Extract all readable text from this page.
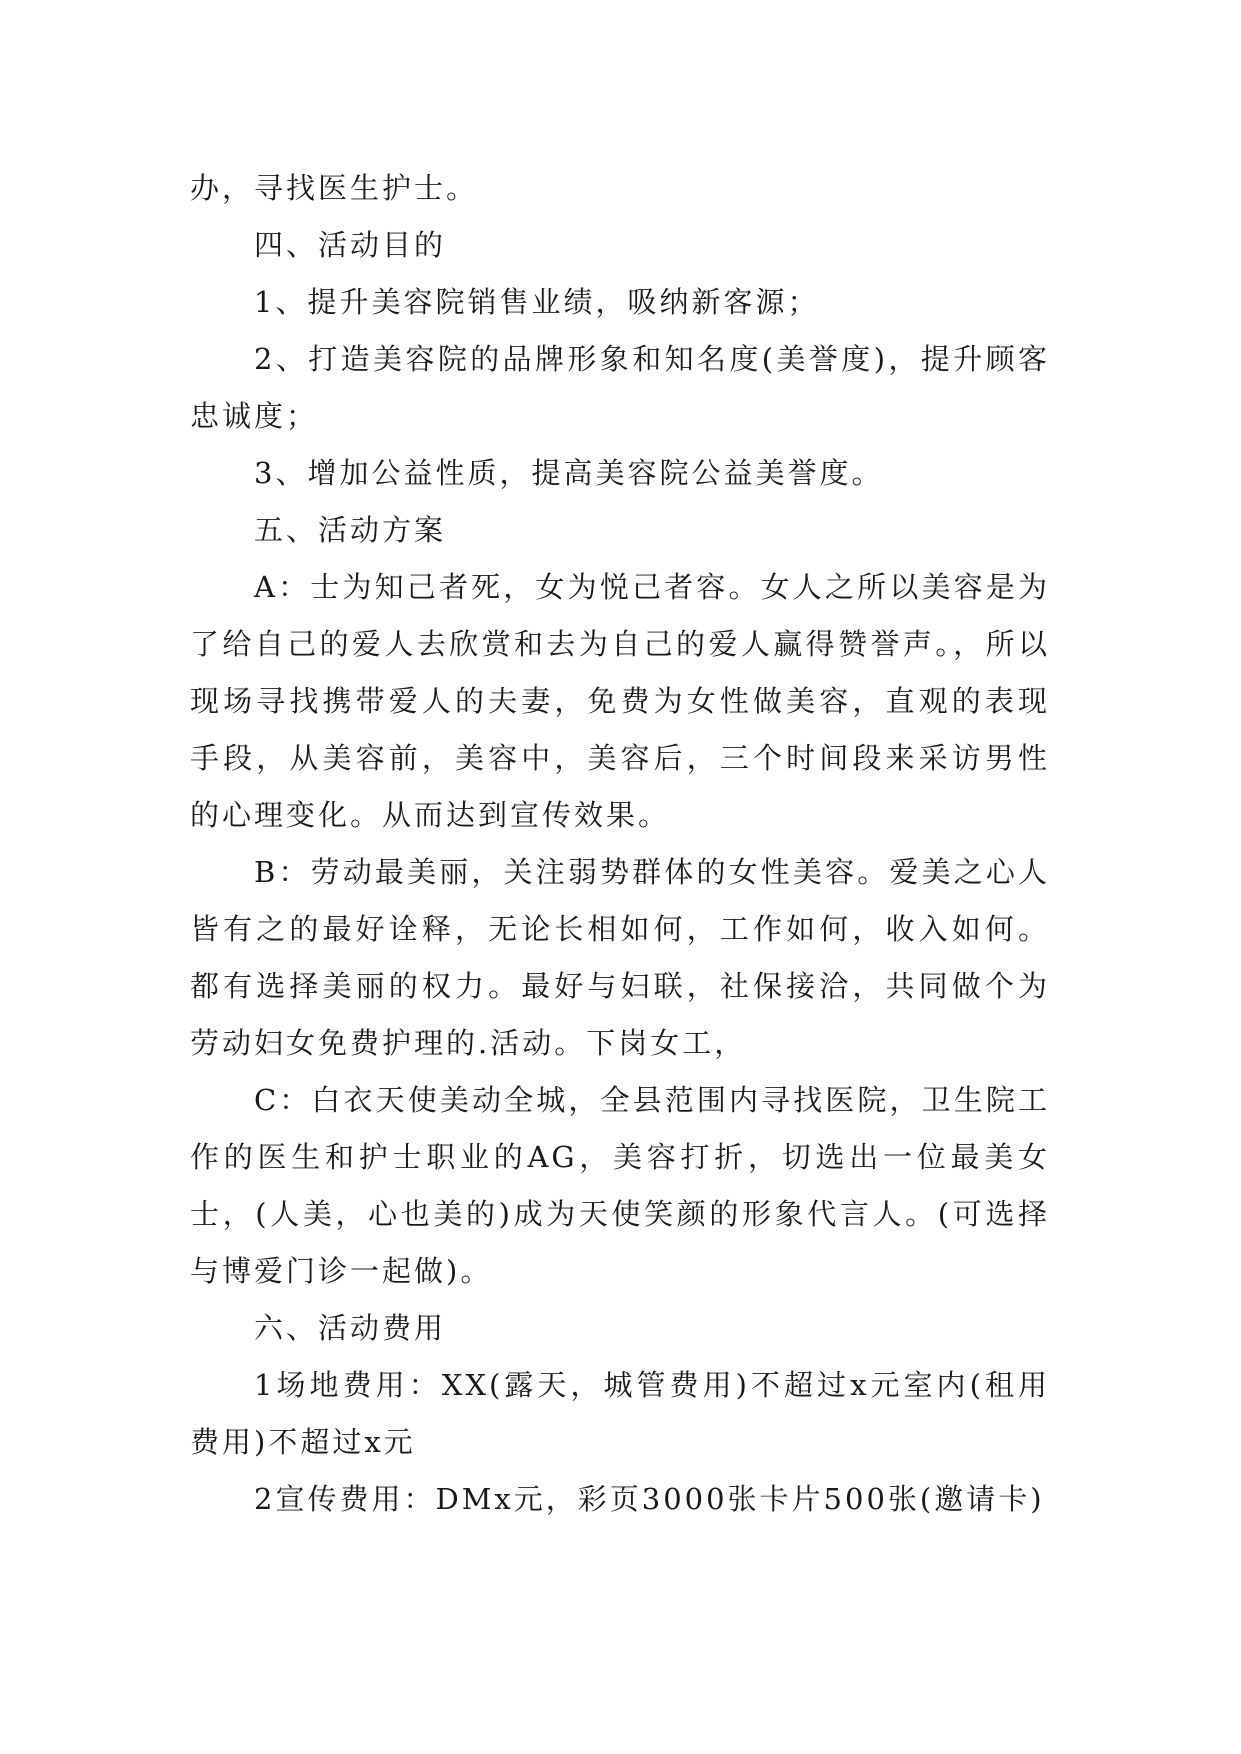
办，寻找医生护士。

四、活动目的

1、提升美容院销售业绩，吸纳新客源；

2、打造美容院的品牌形象和知名度(美誉度)，提升顾客忠诚度；

3、增加公益性质，提高美容院公益美誉度。

五、活动方案

A：士为知己者死，女为悦己者容。女人之所以美容是为了给自己的爱人去欣赏和去为自己的爱人赢得赞誉声。，所以现场寻找携带爱人的夫妻，免费为女性做美容，直观的表现手段，从美容前，美容中，美容后，三个时间段来采访男性的心理变化。从而达到宣传效果。

B：劳动最美丽，关注弱势群体的女性美容。爱美之心人皆有之的最好诠释，无论长相如何，工作如何，收入如何。都有选择美丽的权力。最好与妇联，社保接洽，共同做个为劳动妇女免费护理的.活动。下岗女工，

C：白衣天使美动全城，全县范围内寻找医院，卫生院工作的医生和护士职业的AG，美容打折，切选出一位最美女士，(人美，心也美的)成为天使笑颜的形象代言人。(可选择与博爱门诊一起做)。

六、活动费用

1场地费用：XX(露天，城管费用)不超过x元室内(租用费用)不超过x元

2宣传费用：DMx元，彩页3000张卡片500张(邀请卡)
